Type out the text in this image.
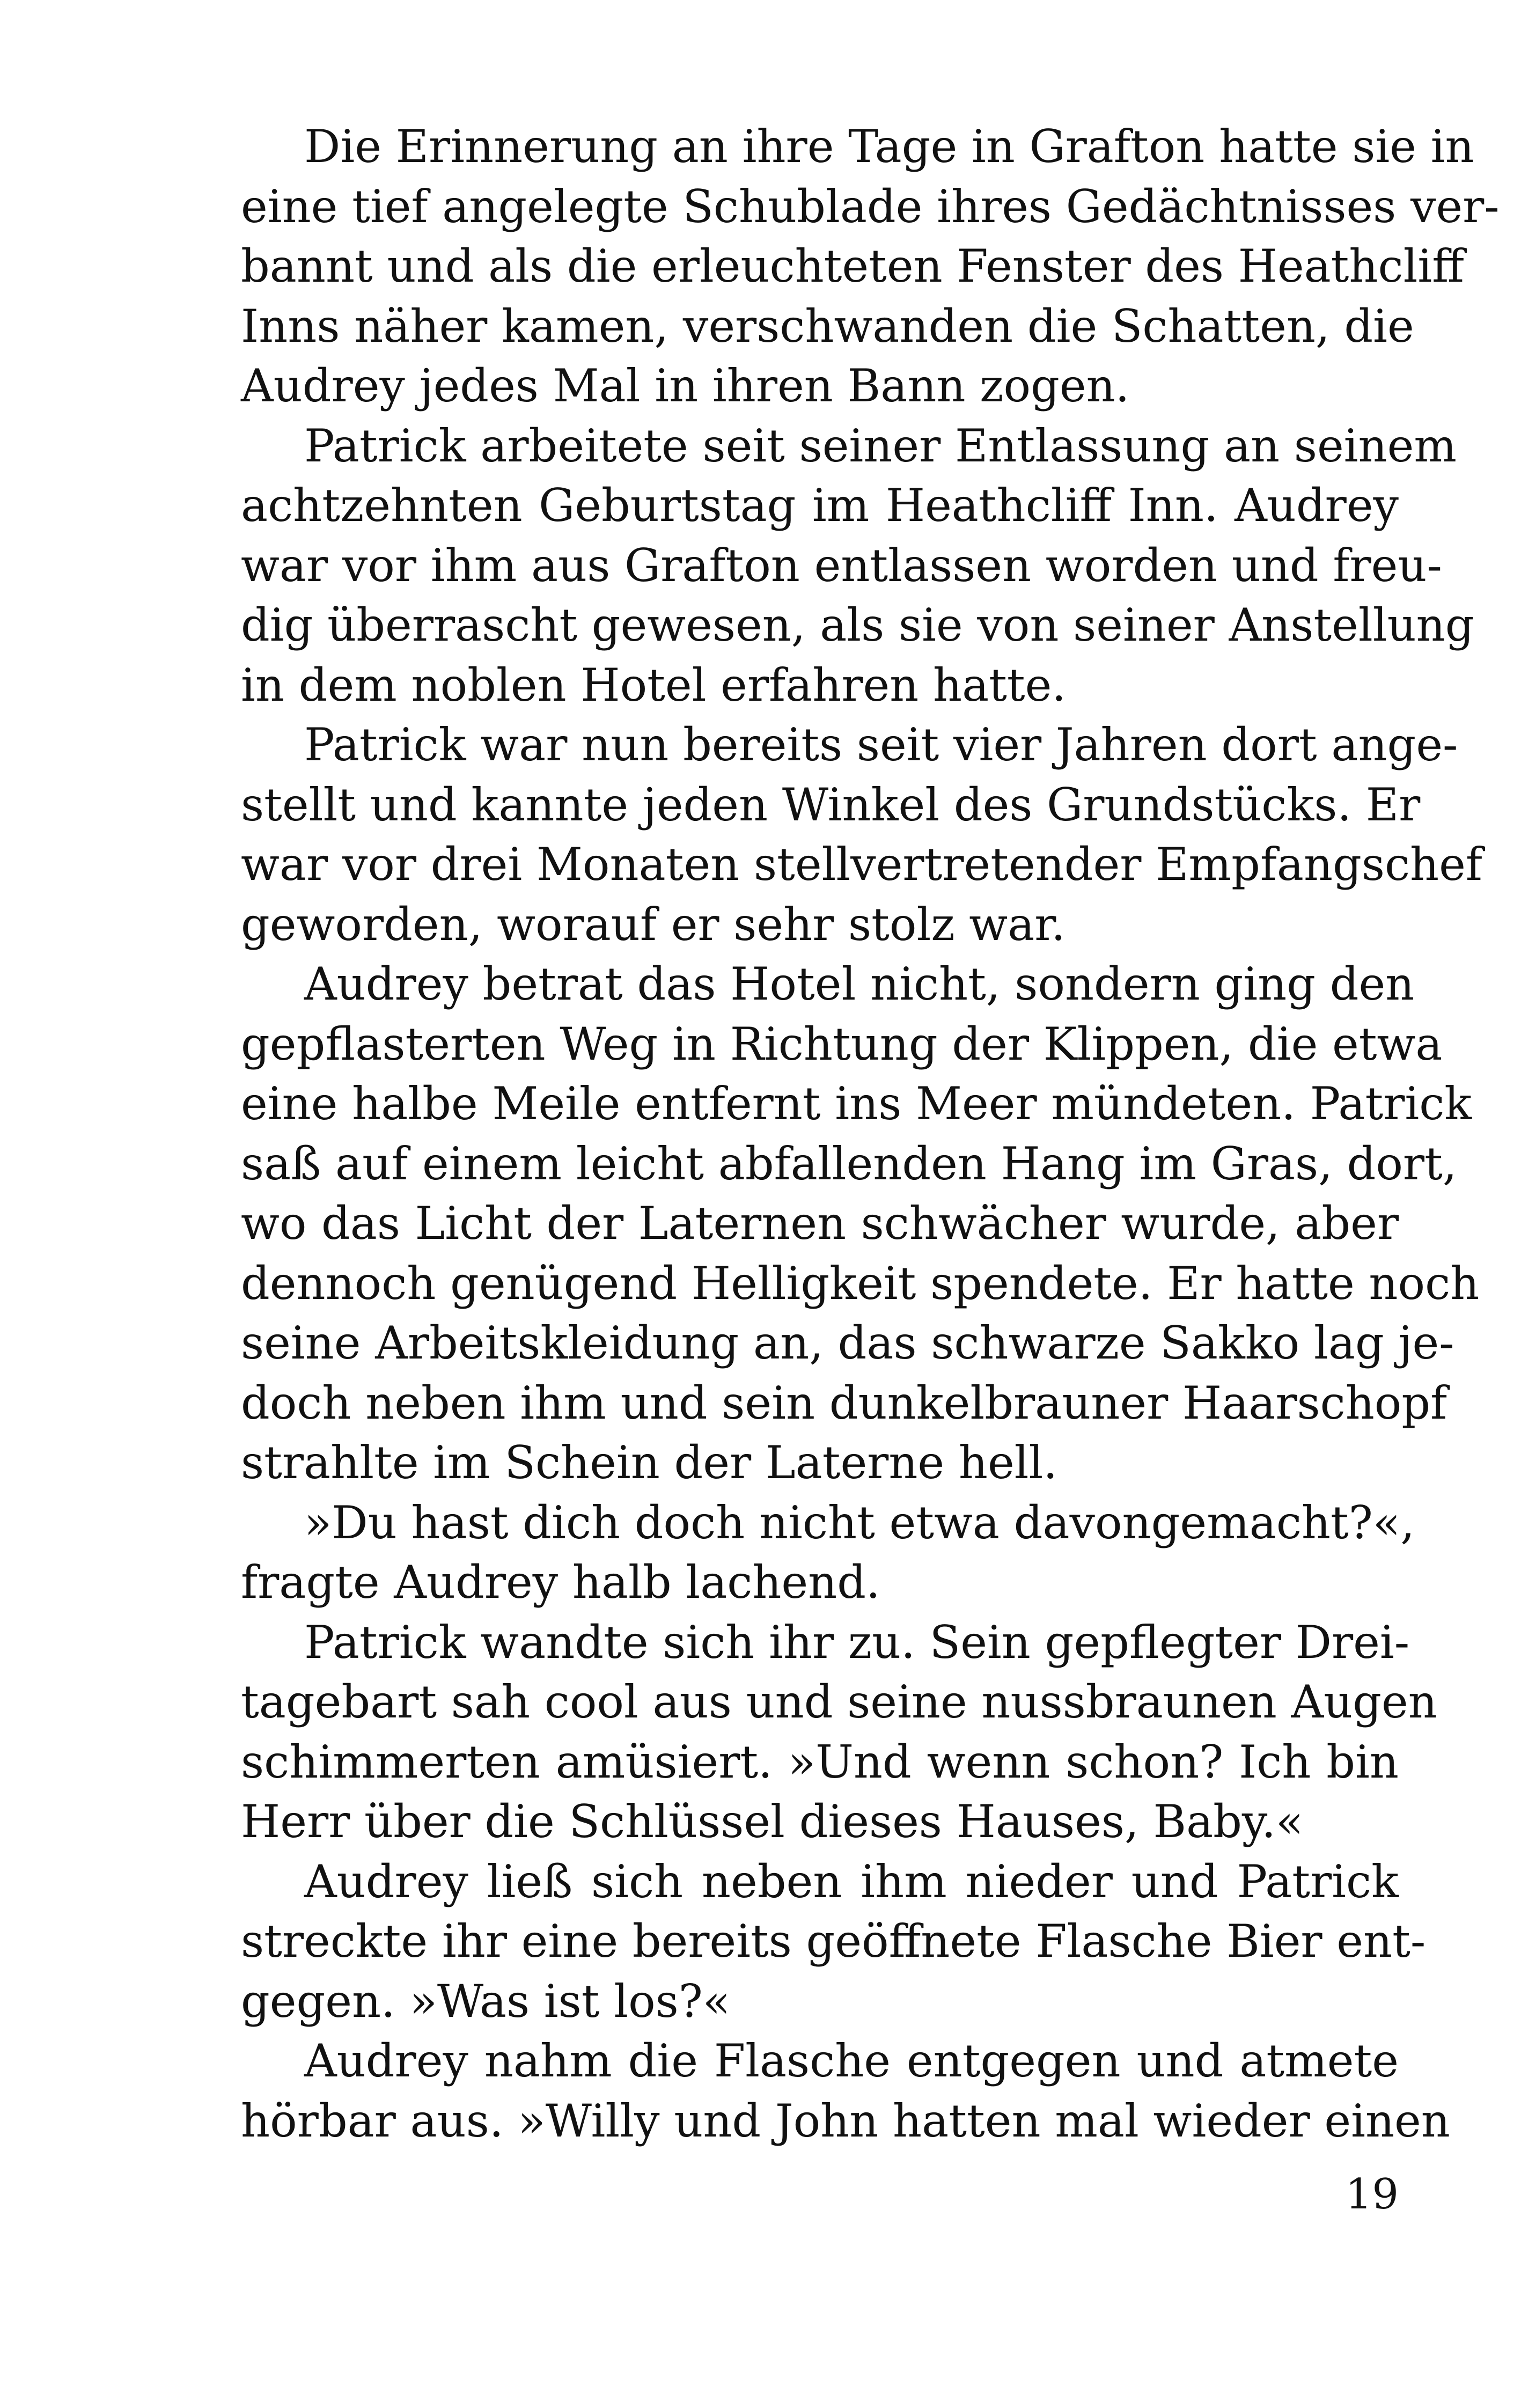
Die Erinnerung an ihre Tage in Grafton hatte sie in
eine tief angelegte Schublade ihres Gedächtnisses ver-
bannt und als die erleuchteten Fenster des Heathcliff
Inns näher kamen, verschwanden die Schatten, die
Audrey jedes Mal in ihren Bann zogen.
Patrick arbeitete seit seiner Entlassung an seinem
achtzehnten Geburtstag im Heathcliff Inn. Audrey
war vor ihm aus Grafton entlassen worden und freu-
dig überrascht gewesen, als sie von seiner Anstellung
in dem noblen Hotel erfahren hatte.
Patrick war nun bereits seit vier Jahren dort ange-
stellt und kannte jeden Winkel des Grundstücks. Er
war vor drei Monaten stellvertretender Empfangschef
geworden, worauf er sehr stolz war.
Audrey betrat das Hotel nicht, sondern ging den
gepflasterten Weg in Richtung der Klippen, die etwa
eine halbe Meile entfernt ins Meer mündeten. Patrick
saß auf einem leicht abfallenden Hang im Gras, dort,
wo das Licht der Laternen schwächer wurde, aber
dennoch genügend Helligkeit spendete. Er hatte noch
seine Arbeitskleidung an, das schwarze Sakko lag je-
doch neben ihm und sein dunkelbrauner Haarschopf
strahlte im Schein der Laterne hell.
»Du hast dich doch nicht etwa davongemacht?«,
fragte Audrey halb lachend.
Patrick wandte sich ihr zu. Sein gepflegter Drei-
tagebart sah cool aus und seine nussbraunen Augen
schimmerten amüsiert. »Und wenn schon? Ich bin
Herr über die Schlüssel dieses Hauses, Baby.«
Audrey ließ sich neben ihm nieder und Patrick
streckte ihr eine bereits geöffnete Flasche Bier ent-
gegen. »Was ist los?«
Audrey nahm die Flasche entgegen und atmete
hörbar aus. »Willy und John hatten mal wieder einen
19
